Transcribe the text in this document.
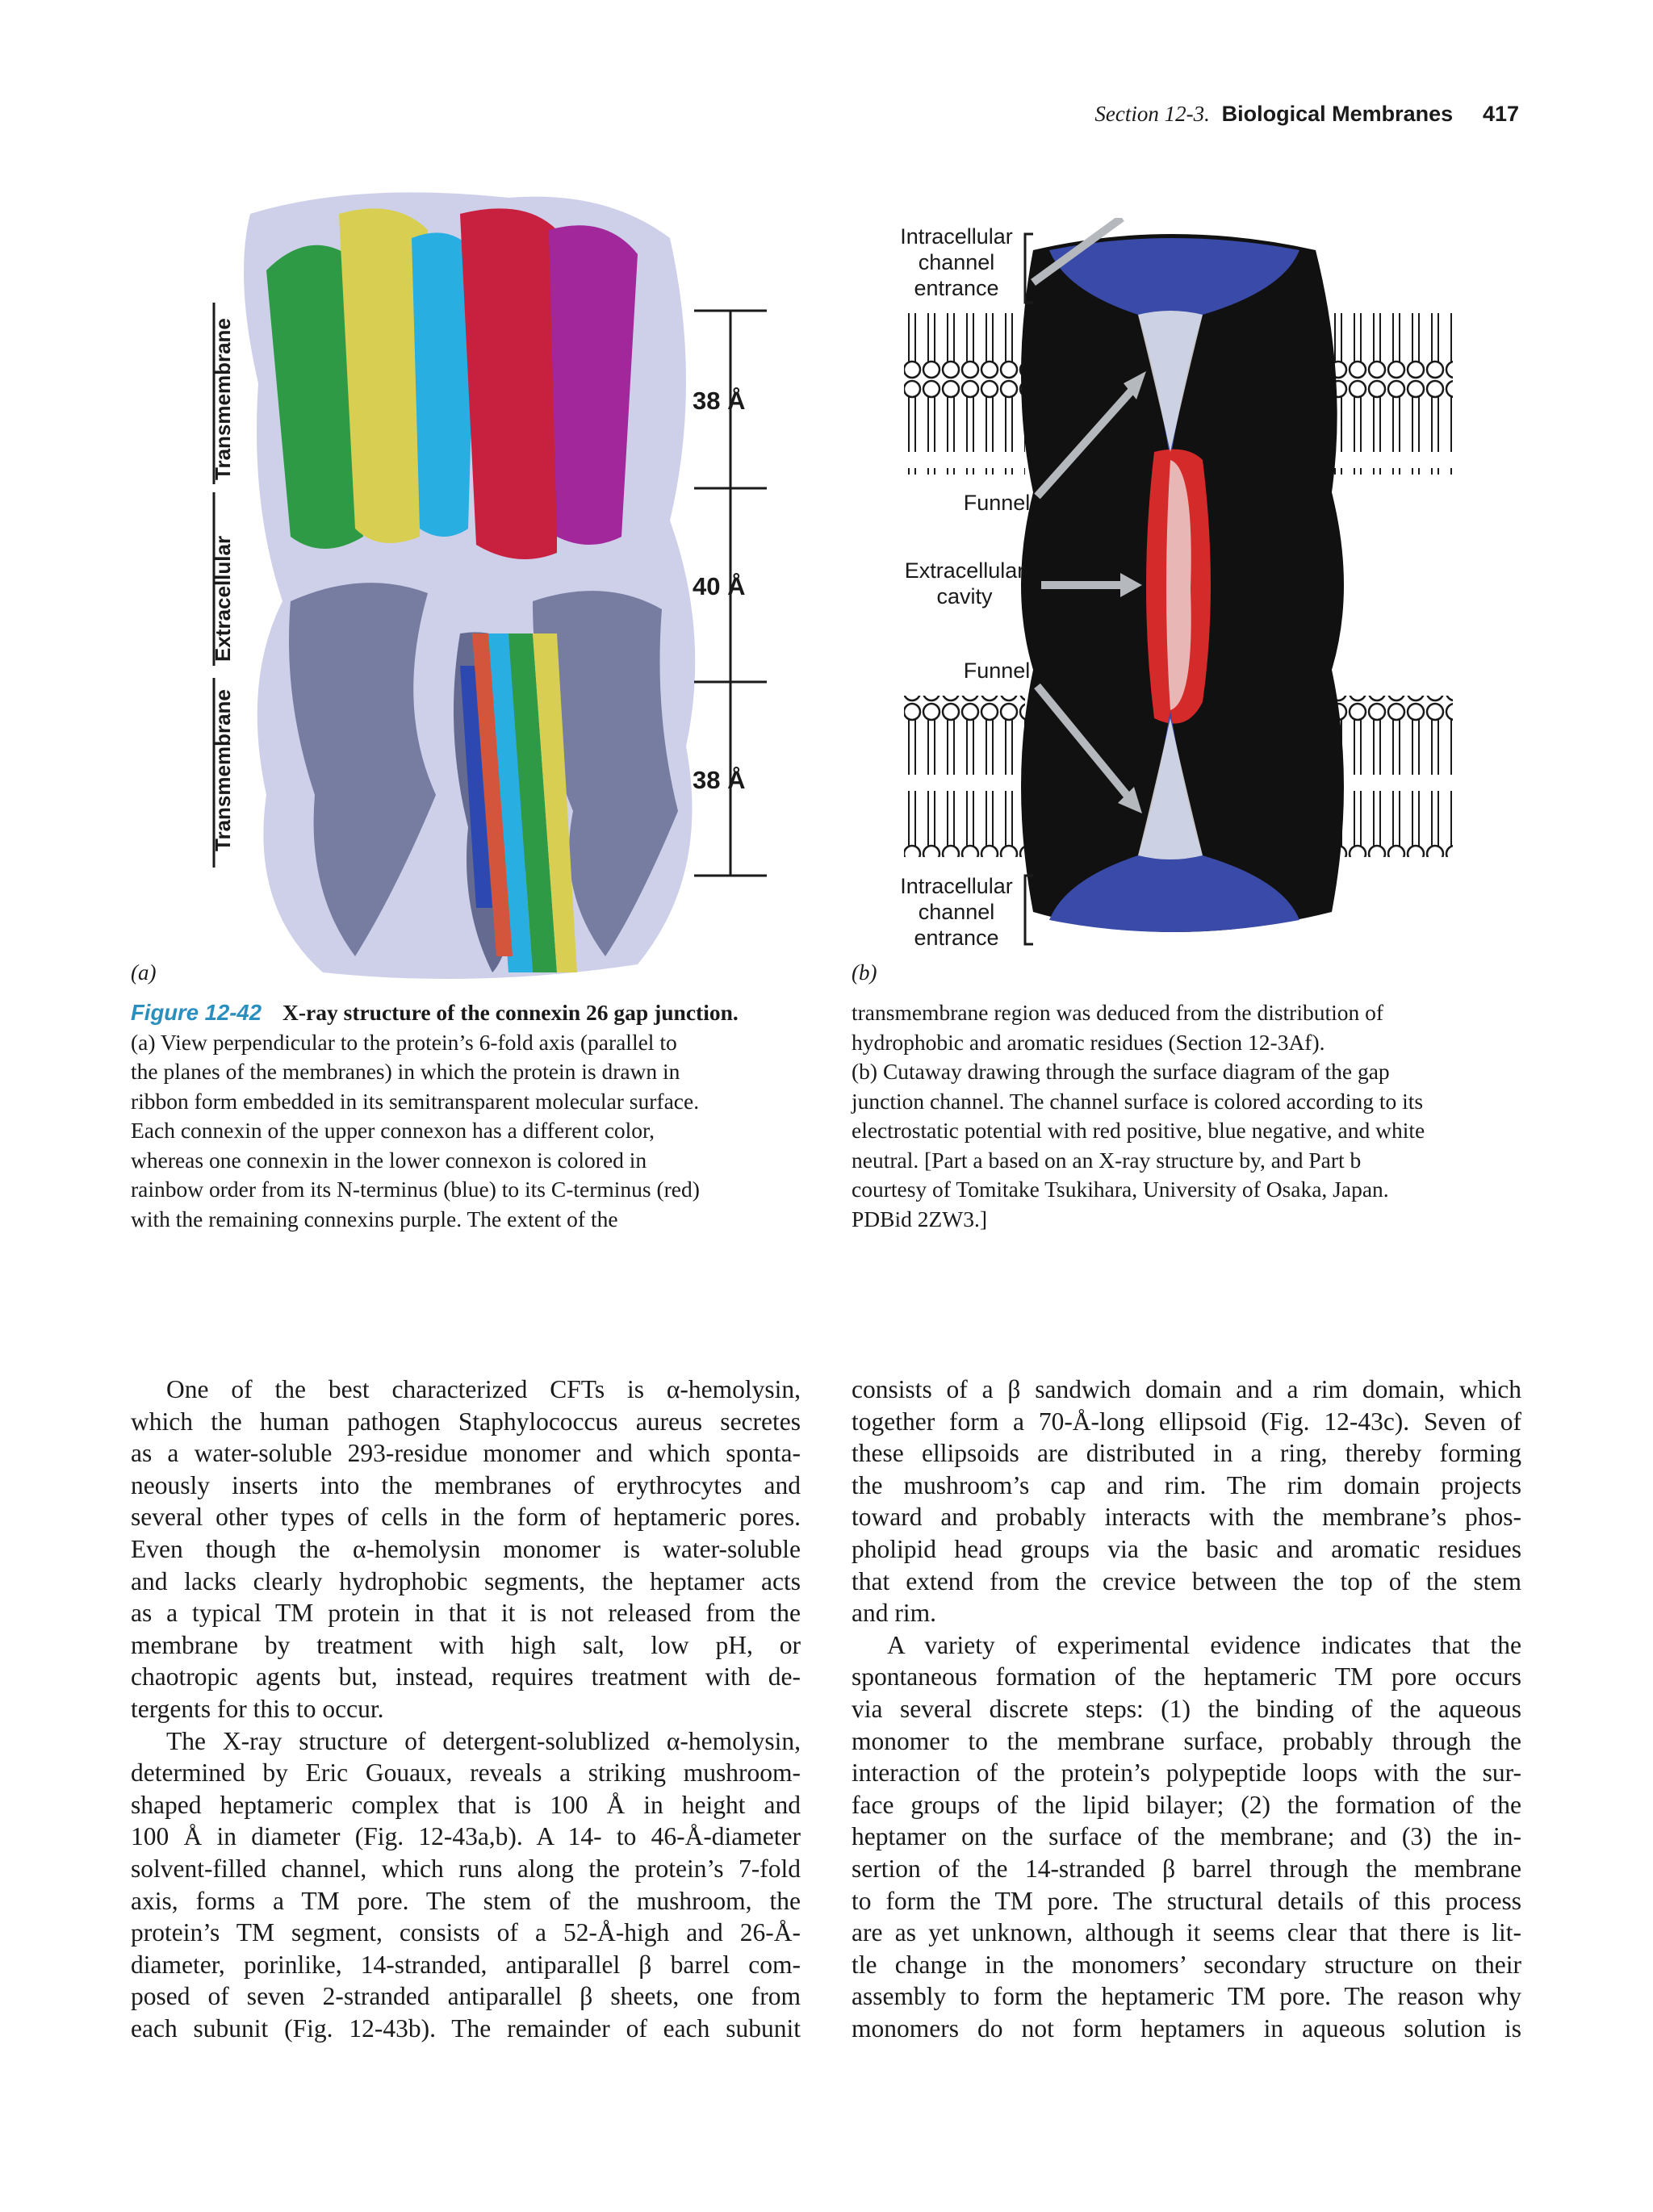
Section 12-3. Biological Membranes 417
Transmembrane
Extracellular
Transmembrane
38 Å
40 Å
38 Å
Intracellular
channel
entrance
Funnel
Extracellular
cavity
Funnel
Intracellular
channel
entrance
(a)	(b)
Figure 12-42 X-ray structure of the connexin 26 gap junction.
(a) View perpendicular to the protein’s 6-fold axis (parallel to
the planes of the membranes) in which the protein is drawn in
ribbon form embedded in its semitransparent molecular surface.
Each connexin of the upper connexon has a different color,
whereas one connexin in the lower connexon is colored in
rainbow order from its N-terminus (blue) to its C-terminus (red)
with the remaining connexins purple. The extent of the
transmembrane region was deduced from the distribution of
hydrophobic and aromatic residues (Section 12-3Af).
(b) Cutaway drawing through the surface diagram of the gap
junction channel. The channel surface is colored according to its
electrostatic potential with red positive, blue negative, and white
neutral. [Part a based on an X-ray structure by, and Part b
courtesy of Tomitake Tsukihara, University of Osaka, Japan.
PDBid 2ZW3.]
One of the best characterized CFTs is α-hemolysin,
which the human pathogen Staphylococcus aureus secretes
as a water-soluble 293-residue monomer and which sponta-
neously inserts into the membranes of erythrocytes and
several other types of cells in the form of heptameric pores.
Even though the α-hemolysin monomer is water-soluble
and lacks clearly hydrophobic segments, the heptamer acts
as a typical TM protein in that it is not released from the
membrane by treatment with high salt, low pH, or
chaotropic agents but, instead, requires treatment with de-
tergents for this to occur.
The X-ray structure of detergent-solublized α-hemolysin,
determined by Eric Gouaux, reveals a striking mushroom-
shaped heptameric complex that is 100 Å in height and
100 Å in diameter (Fig. 12-43a,b). A 14- to 46-Å-diameter
solvent-filled channel, which runs along the protein’s 7-fold
axis, forms a TM pore. The stem of the mushroom, the
protein’s TM segment, consists of a 52-Å-high and 26-Å-
diameter, porinlike, 14-stranded, antiparallel β barrel com-
posed of seven 2-stranded antiparallel β sheets, one from
each subunit (Fig. 12-43b). The remainder of each subunit
consists of a β sandwich domain and a rim domain, which
together form a 70-Å-long ellipsoid (Fig. 12-43c). Seven of
these ellipsoids are distributed in a ring, thereby forming
the mushroom’s cap and rim. The rim domain projects
toward and probably interacts with the membrane’s phos-
pholipid head groups via the basic and aromatic residues
that extend from the crevice between the top of the stem
and rim.
A variety of experimental evidence indicates that the
spontaneous formation of the heptameric TM pore occurs
via several discrete steps: (1) the binding of the aqueous
monomer to the membrane surface, probably through the
interaction of the protein’s polypeptide loops with the sur-
face groups of the lipid bilayer; (2) the formation of the
heptamer on the surface of the membrane; and (3) the in-
sertion of the 14-stranded β barrel through the membrane
to form the TM pore. The structural details of this process
are as yet unknown, although it seems clear that there is lit-
tle change in the monomers’ secondary structure on their
assembly to form the heptameric TM pore. The reason why
monomers do not form heptamers in aqueous solution is
